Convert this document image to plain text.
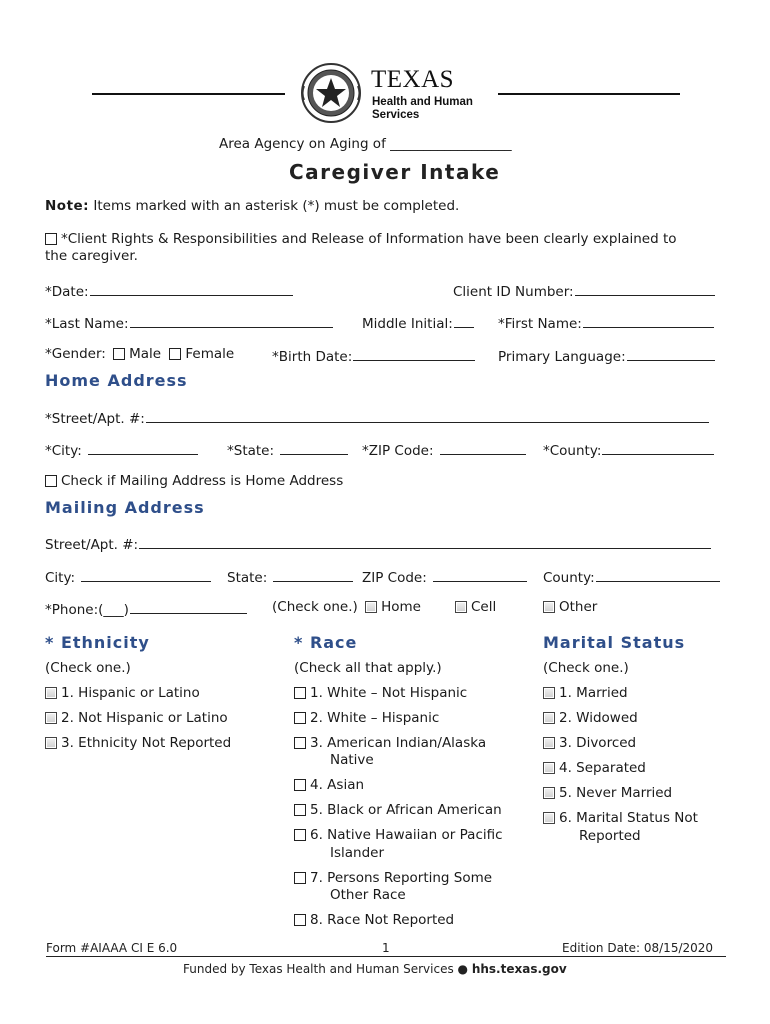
TEXAS
Health and Human
Services
Area Agency on Aging of __________________
Caregiver Intake
Note: Items marked with an asterisk (*) must be completed.
*Client Rights & Responsibilities and Release of Information have been clearly explained to
the caregiver.
*Date:	Client ID Number:
*Last Name:	Middle Initial:	*First Name:
*Gender: Male Female	*Birth Date:	Primary Language:
Home Address
*Street/Apt. #:
*City:	*State:	*ZIP Code:	*County:
Check if Mailing Address is Home Address
Mailing Address
Street/Apt. #:
City:	State:	ZIP Code:	County:
*Phone:(___)	(Check one.) Home	Cell	Other
* Ethnicity
(Check one.)
1. Hispanic or Latino
2. Not Hispanic or Latino
3. Ethnicity Not Reported
* Race
(Check all that apply.)
1. White – Not Hispanic
2. White – Hispanic
3. American Indian/Alaska
Native
4. Asian
5. Black or African American
6. Native Hawaiian or Pacific
Islander
7. Persons Reporting Some
Other Race
8. Race Not Reported
Marital Status
(Check one.)
1. Married
2. Widowed
3. Divorced
4. Separated
5. Never Married
6. Marital Status Not
Reported
Form #AIAAA CI E 6.0	1	Edition Date: 08/15/2020
Funded by Texas Health and Human Services ● hhs.texas.gov
